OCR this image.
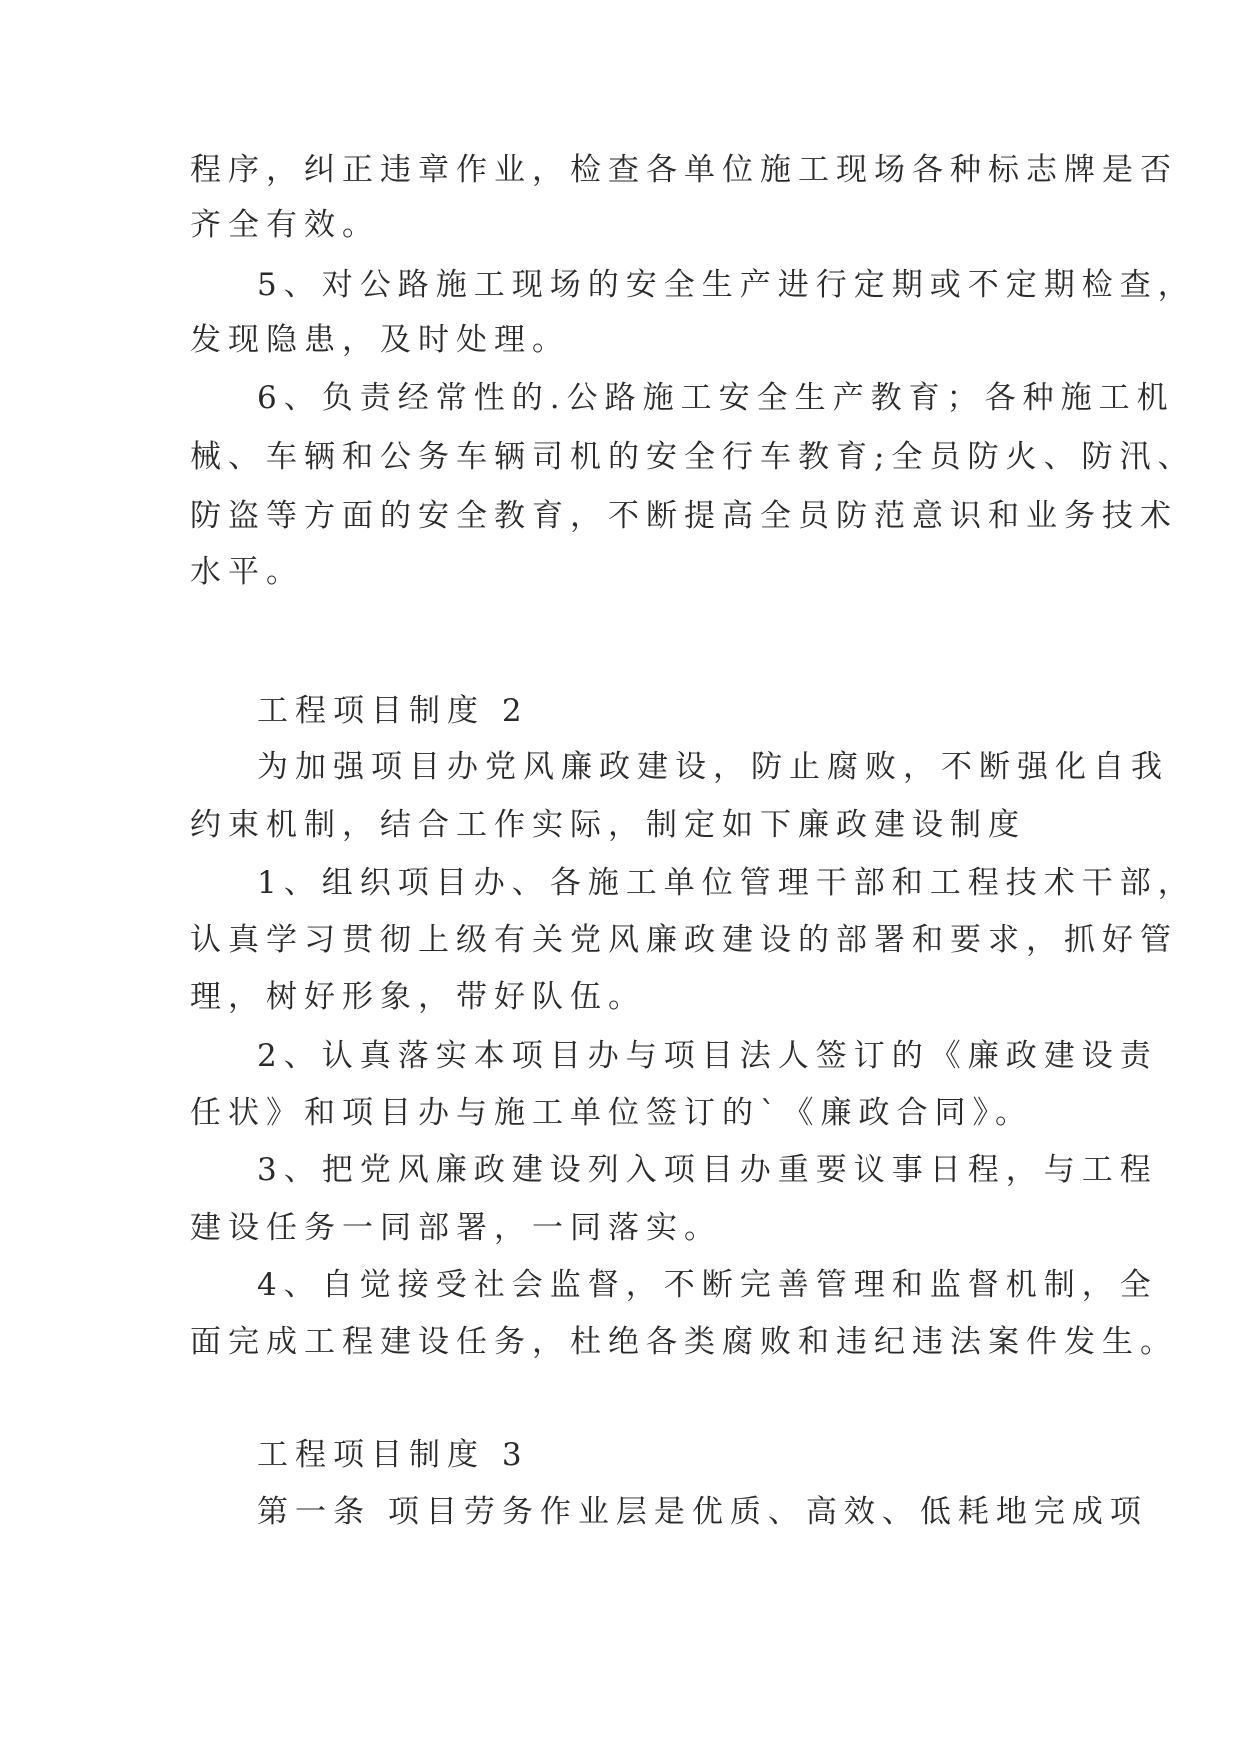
程序，纠正违章作业，检查各单位施工现场各种标志牌是否
齐全有效。
5、对公路施工现场的安全生产进行定期或不定期检查，
发现隐患，及时处理。
6、负责经常性的.公路施工安全生产教育；各种施工机
械、车辆和公务车辆司机的安全行车教育;全员防火、防汛、
防盗等方面的安全教育，不断提高全员防范意识和业务技术
水平。
工程项目制度 2
为加强项目办党风廉政建设，防止腐败，不断强化自我
约束机制，结合工作实际，制定如下廉政建设制度
1、组织项目办、各施工单位管理干部和工程技术干部，
认真学习贯彻上级有关党风廉政建设的部署和要求，抓好管
理，树好形象，带好队伍。
2、认真落实本项目办与项目法人签订的《廉政建设责
任状》和项目办与施工单位签订的`《廉政合同》。
3、把党风廉政建设列入项目办重要议事日程，与工程
建设任务一同部署，一同落实。
4、自觉接受社会监督，不断完善管理和监督机制，全
面完成工程建设任务，杜绝各类腐败和违纪违法案件发生。
工程项目制度 3
第一条 项目劳务作业层是优质、高效、低耗地完成项
